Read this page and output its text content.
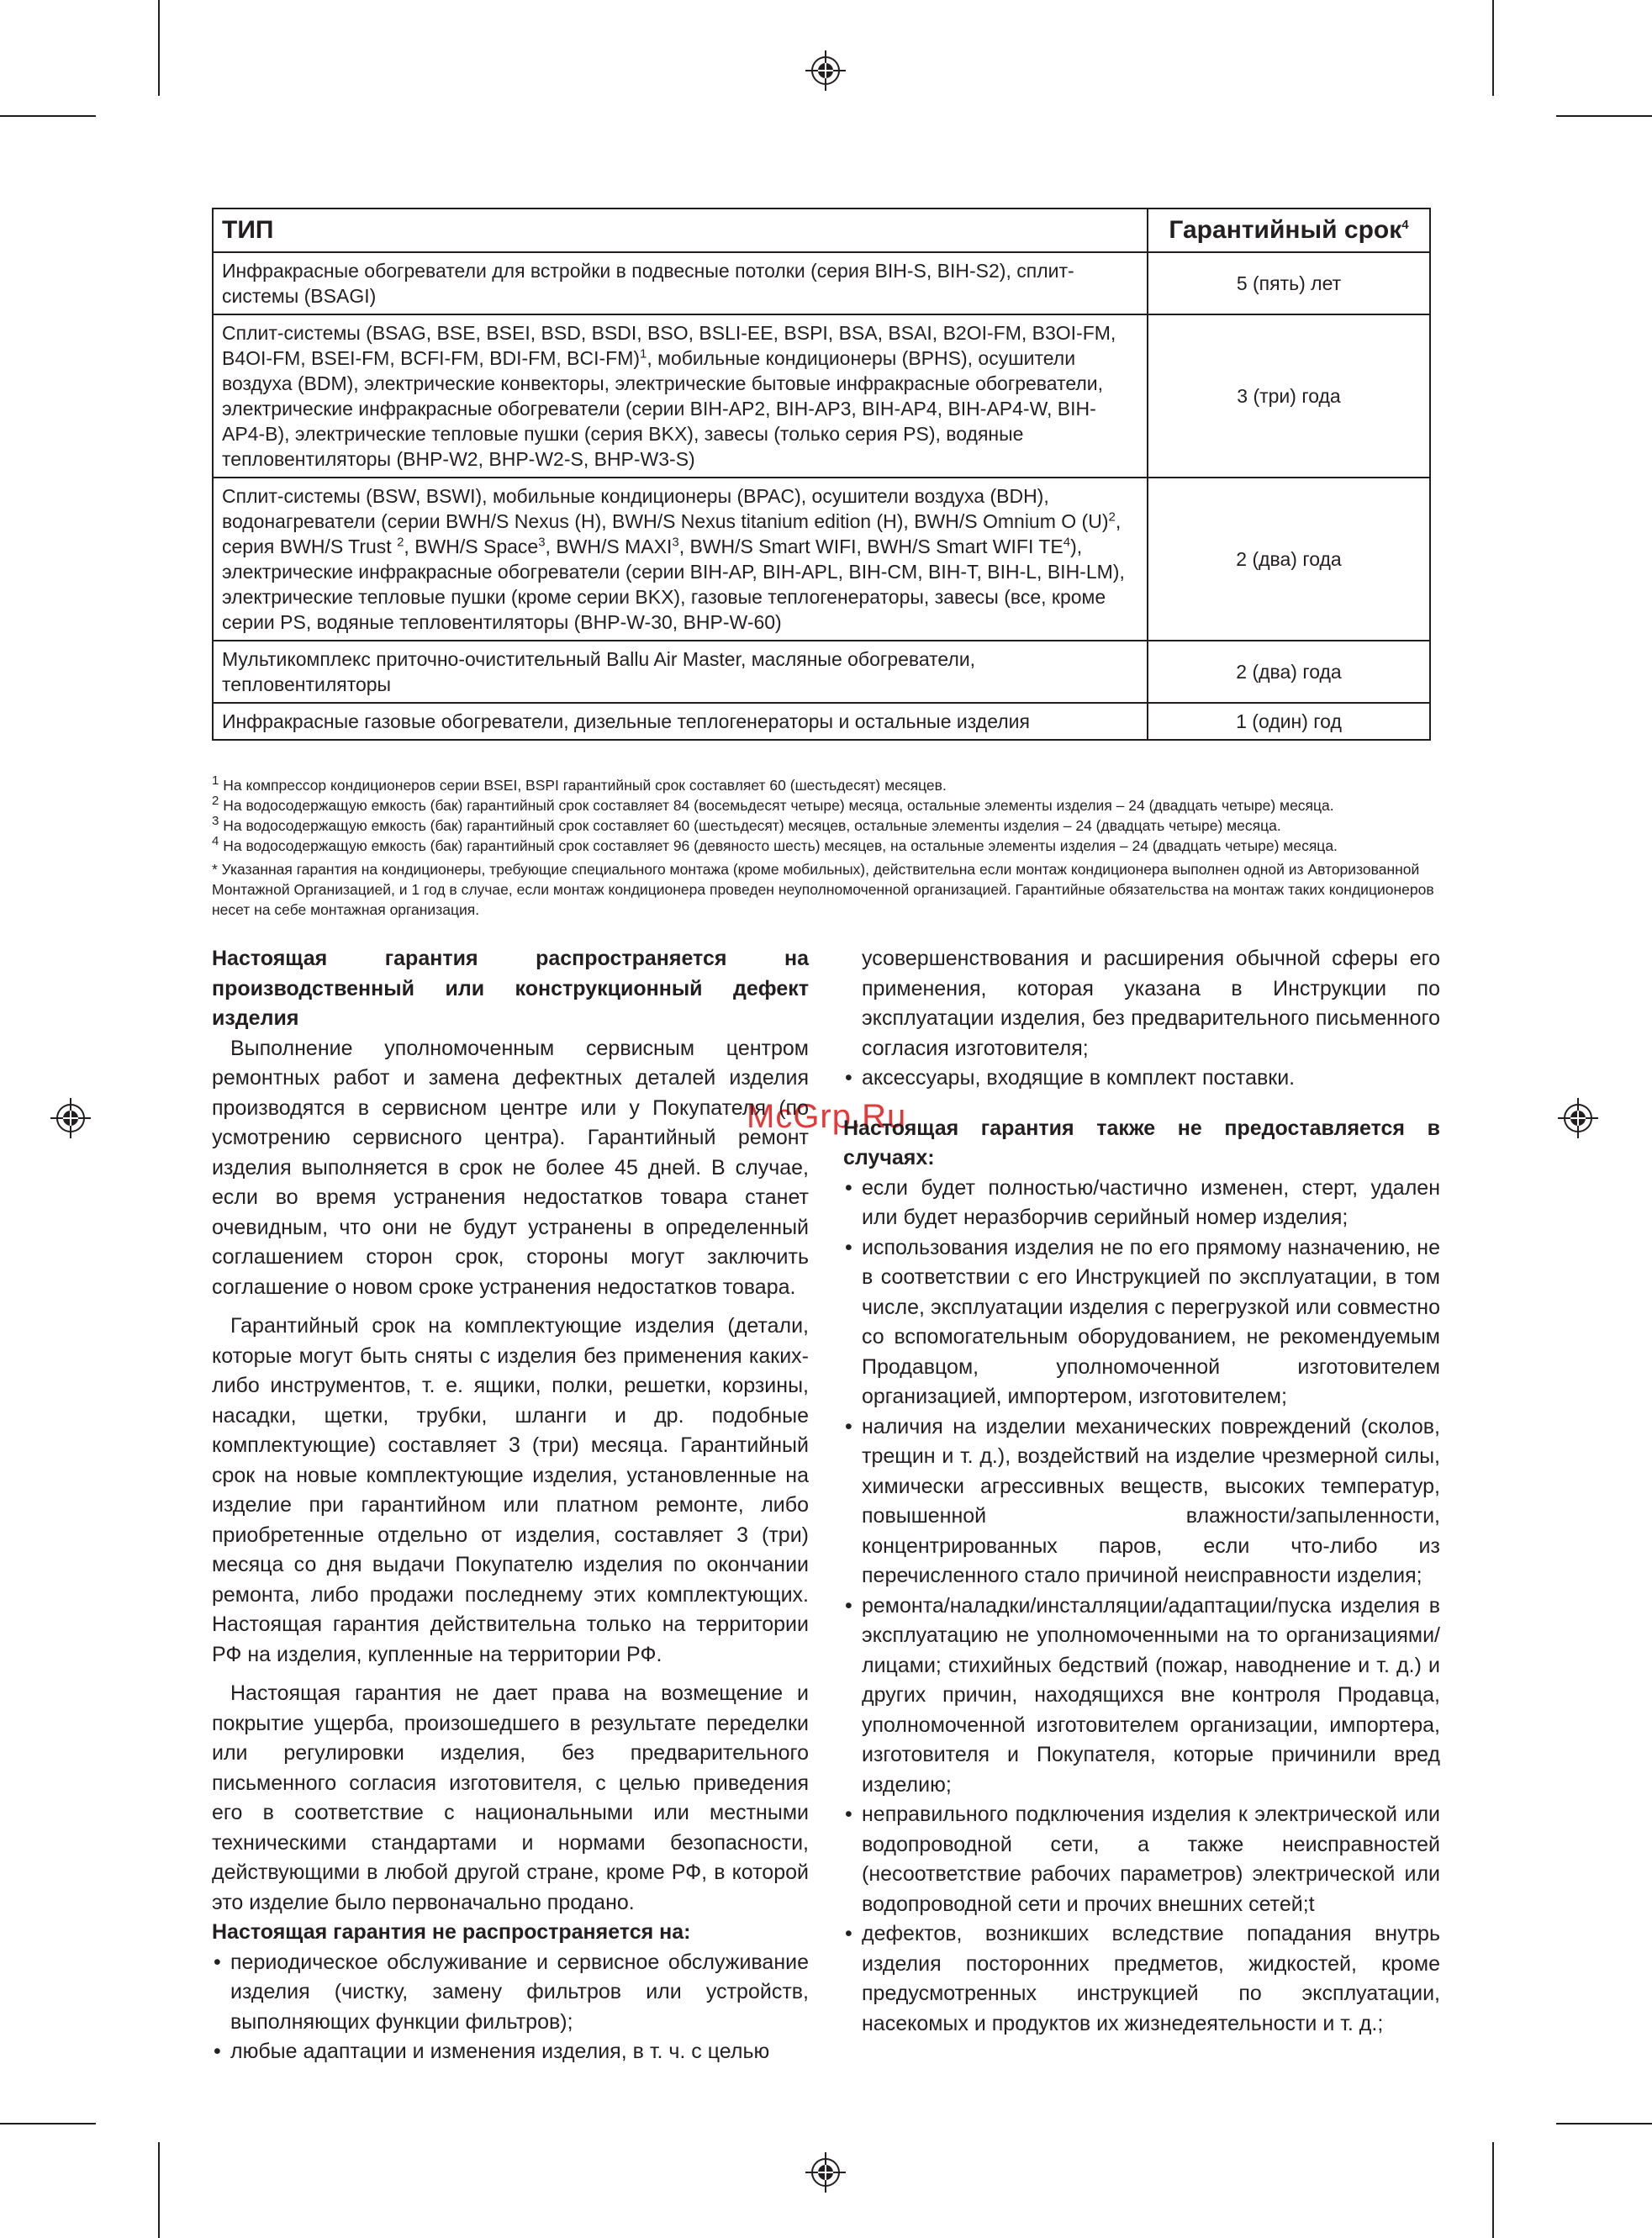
ТИП	Гарантийный срок$^4$
Инфракрасные обогреватели для встройки в подвесные потолки (серия BIH-S, BIH-S2), сплит-системы (BSAGI)	5 (пять) лет
Сплит-системы (BSAG, BSE, BSEI, BSD, BSDI, BSO, BSLI-EE, BSPI, BSA, BSAI, B2OI-FM, B3OI-FM, B4OI-FM, BSEI-FM, BCFI-FM, BDI-FM, BCI-FM)$^1$, мобильные кондиционеры (BPHS), осушители воздуха (BDM), электрические конвекторы, электрические бытовые инфракрасные обогреватели, электрические инфракрасные обогреватели (серии BIH-AP2, BIH-AP3, BIH-AP4, BIH-AP4-W, BIH-AP4-B), электрические тепловые пушки (серия BKX), завесы (только серия PS), водяные тепловентиляторы (BHP-W2, BHP-W2-S, BHP-W3-S)	3 (три) года
Сплит-системы (BSW, BSWI), мобильные кондиционеры (BPAC), осушители воздуха (BDH), водонагреватели (серии BWH/S Nexus (H), BWH/S Nexus titanium edition (H), BWH/S Omnium O $(U)^2$, серия BWH/S Trust $^2$, BWH/S Space$^3$, BWH/S MAXI$^3$, BWH/S Smart WIFI, BWH/S Smart WIFI $TE^4$), электрические инфракрасные обогреватели (серии BIH-AP, BIH-APL, BIH-CM, BIH-T, BIH-L, BIH-LM), электрические тепловые пушки (кроме серии BKX), газовые теплогенераторы, завесы (все, кроме серии PS, водяные тепловентиляторы (BHP-W-30, BHP-W-60)	2 (два) года
Мультикомплекс приточно-очистительный Ballu Air Master, масляные обогреватели, тепловентиляторы	2 (два) года
Инфракрасные газовые обогреватели, дизельные теплогенераторы и остальные изделия	1 (один) год

$^1$ На компрессор кондиционеров серии BSEI, BSPI гарантийный срок составляет 60 (шестьдесят) месяцев.

$^2$ На водосодержащую емкость (бак) гарантийный срок составляет 84 (восемьдесят четыре) месяца, остальные элементы изделия – 24 (двадцать четыре) месяца.

$^3$ На водосодержащую емкость (бак) гарантийный срок составляет 60 (шестьдесят) месяцев, остальные элементы изделия – 24 (двадцать четыре) месяца.

$^4$ На водосодержащую емкость (бак) гарантийный срок составляет 96 (девяносто шесть) месяцев, на остальные элементы изделия – 24 (двадцать четыре) месяца.

* Указанная гарантия на кондиционеры, требующие специального монтажа (кроме мобильных), действительна если монтаж кондиционера выполнен одной из Авторизованной Монтажной Организацией, и 1 год в случае, если монтаж кондиционера проведен неуполномоченной организацией. Гарантийные обязательства на монтаж таких кондиционеров несет на себе монтажная организация.

McGrp.Ru
Настоящая гарантия распространяется на производственный или конструкционный дефект изделия

Выполнение уполномоченным сервисным центром ремонтных работ и замена дефектных деталей изделия производятся в сервисном центре или у Покупателя (по усмотрению сервисного центра). Гарантийный ремонт изделия выполняется в срок не более 45 дней. В случае, если во время устранения недостатков товара станет очевидным, что они не будут устранены в определенный соглашением сторон срок, стороны могут заключить соглашение о новом сроке устранения недостатков товара.

Гарантийный срок на комплектующие изделия (детали, которые могут быть сняты с изделия без применения каких-либо инструментов, т. е. ящики, полки, решетки, корзины, насадки, щетки, трубки, шланги и др. подобные комплектующие) составляет 3 (три) месяца. Гарантийный срок на новые комплектующие изделия, установленные на изделие при гарантийном или платном ремонте, либо приобретенные отдельно от изделия, составляет 3 (три) месяца со дня выдачи Покупателю изделия по окончании ремонта, либо продажи последнему этих комплектующих. Настоящая гарантия действительна только на территории РФ на изделия, купленные на территории РФ.

Настоящая гарантия не дает права на возмещение и покрытие ущерба, произошедшего в результате переделки или регулировки изделия, без предварительного письменного согласия изготовителя, с целью приведения его в соответствие с национальными или местными техническими стандартами и нормами безопасности, действующими в любой другой стране, кроме РФ, в которой это изделие было первоначально продано.

Настоящая гарантия не распространяется на:
• периодическое обслуживание и сервисное обслуживание изделия (чистку, замену фильтров или устройств, выполняющих функции фильтров);
• любые адаптации и изменения изделия, в т. ч. с целью

усовершенствования и расширения обычной сферы его применения, которая указана в Инструкции по эксплуатации изделия, без предварительного письменного согласия изготовителя;

• аксессуары, входящие в комплект поставки.
Настоящая гарантия также не предоставляется в случаях:
• если будет полностью/частично изменен, стерт, удален или будет неразборчив серийный номер изделия;
• использования изделия не по его прямому назначению, не в соответствии с его Инструкцией по эксплуатации, в том числе, эксплуатации изделия с перегрузкой или совместно со вспомогательным оборудованием, не рекомендуемым Продавцом, уполномоченной изготовителем организацией, импортером, изготовителем;
• наличия на изделии механических повреждений (сколов, трещин и т. д.), воздействий на изделие чрезмерной силы, химически агрессивных веществ, высоких температур, повышенной влажности/запыленности, концентрированных паров, если что-либо из перечисленного стало причиной неисправности изделия;
• ремонта/наладки/инсталляции/адаптации/пуска изделия в эксплуатацию не уполномоченными на то организациями/лицами; стихийных бедствий (пожар, наводнение и т. д.) и других причин, находящихся вне контроля Продавца, уполномоченной изготовителем организации, импортера, изготовителя и Покупателя, которые причинили вред изделию;
• неправильного подключения изделия к электрической или водопроводной сети, а также неисправностей (несоответствие рабочих параметров) электрической или водопроводной сети и прочих внешних сетей;t
• дефектов, возникших вследствие попадания внутрь изделия посторонних предметов, жидкостей, кроме предусмотренных инструкцией по эксплуатации, насекомых и продуктов их жизнедеятельности и т. д.;
